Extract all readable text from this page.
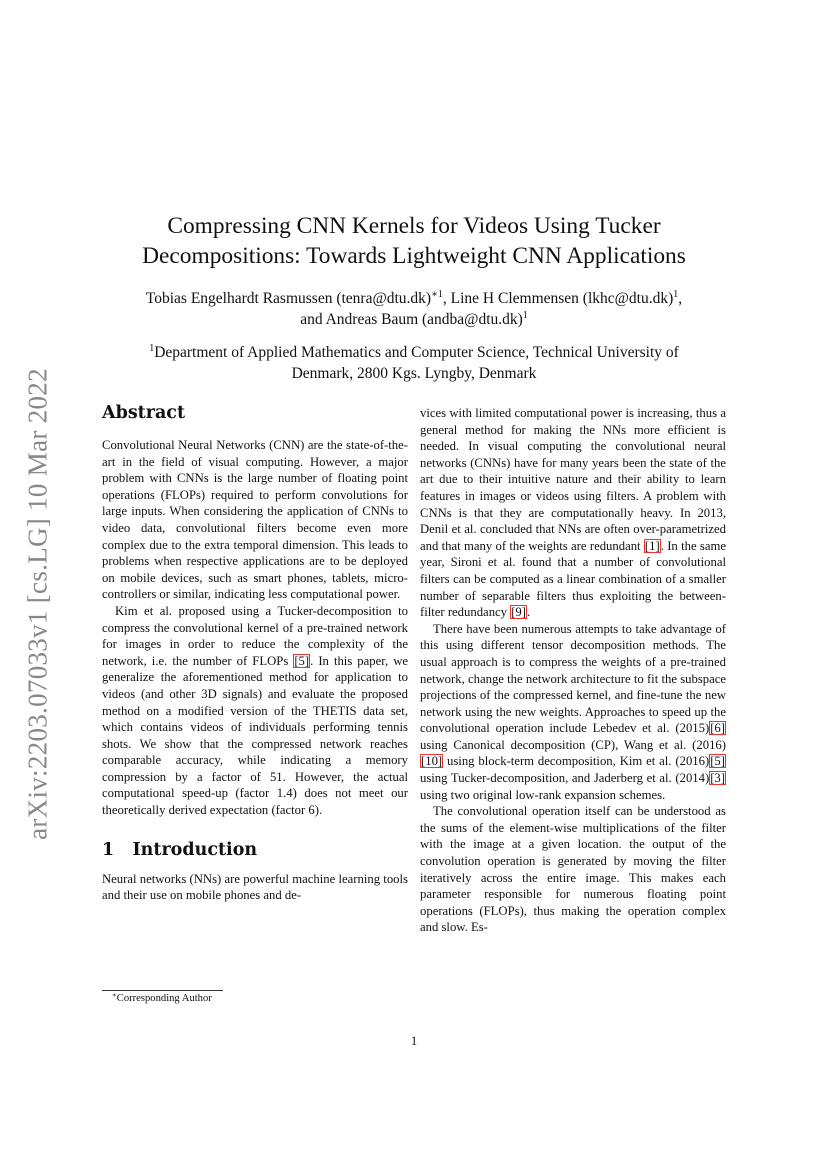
arXiv:2203.07033v1 [cs.LG] 10 Mar 2022
Compressing CNN Kernels for Videos Using Tucker
Decompositions: Towards Lightweight CNN Applications
Tobias Engelhardt Rasmussen (tenra@dtu.dk)$^{∗1}$, Line H Clemmensen (lkhc@dtu.dk)$^1$,
and Andreas Baum (andba@dtu.dk)$^1$
$^1$Department of Applied Mathematics and Computer Science, Technical University of
Denmark, 2800 Kgs. Lyngby, Denmark
Abstract

Convolutional Neural Networks (CNN) are the state-of-the-art in the field of visual computing. However, a major problem with CNNs is the large number of floating point operations (FLOPs) required to perform convolutions for large inputs. When considering the application of CNNs to video data, convolutional filters become even more complex due to the extra temporal dimension. This leads to problems when respective applications are to be deployed on mobile devices, such as smart phones, tablets, micro-controllers or similar, indicating less computational power.

Kim et al. proposed using a Tucker-decomposition to compress the convolutional kernel of a pre-trained network for images in order to reduce the complexity of the network, i.e. the number of FLOPs [5]. In this paper, we generalize the aforementioned method for application to videos (and other 3D signals) and evaluate the proposed method on a modified version of the THETIS data set, which contains videos of individuals performing tennis shots. We show that the compressed network reaches comparable accuracy, while indicating a memory compression by a factor of 51. However, the actual computational speed-up (factor 1.4) does not meet our theoretically derived expectation (factor 6).

1 Introduction

Neural networks (NNs) are powerful machine learning tools and their use on mobile phones and de-

vices with limited computational power is increasing, thus a general method for making the NNs more efficient is needed. In visual computing the convolutional neural networks (CNNs) have for many years been the state of the art due to their intuitive nature and their ability to learn features in images or videos using filters. A problem with CNNs is that they are computationally heavy. In 2013, Denil et al. concluded that NNs are often over-parametrized and that many of the weights are redundant [1]. In the same year, Sironi et al. found that a number of convolutional filters can be computed as a linear combination of a smaller number of separable filters thus exploiting the between-filter redundancy [9].

There have been numerous attempts to take advantage of this using different tensor decomposition methods. The usual approach is to compress the weights of a pre-trained network, change the network architecture to fit the subspace projections of the compressed kernel, and fine-tune the new network using the new weights. Approaches to speed up the convolutional operation include Lebedev et al. (2015)[6] using Canonical decomposition (CP), Wang et al. (2016)[10] using block-term decomposition, Kim et al. (2016)[5] using Tucker-decomposition, and Jaderberg et al. (2014)[3] using two original low-rank expansion schemes.

The convolutional operation itself can be understood as the sums of the element-wise multiplications of the filter with the image at a given location. the output of the convolution operation is generated by moving the filter iteratively across the entire image. This makes each parameter responsible for numerous floating point operations (FLOPs), thus making the operation complex and slow. Es-

∗Corresponding Author
1
